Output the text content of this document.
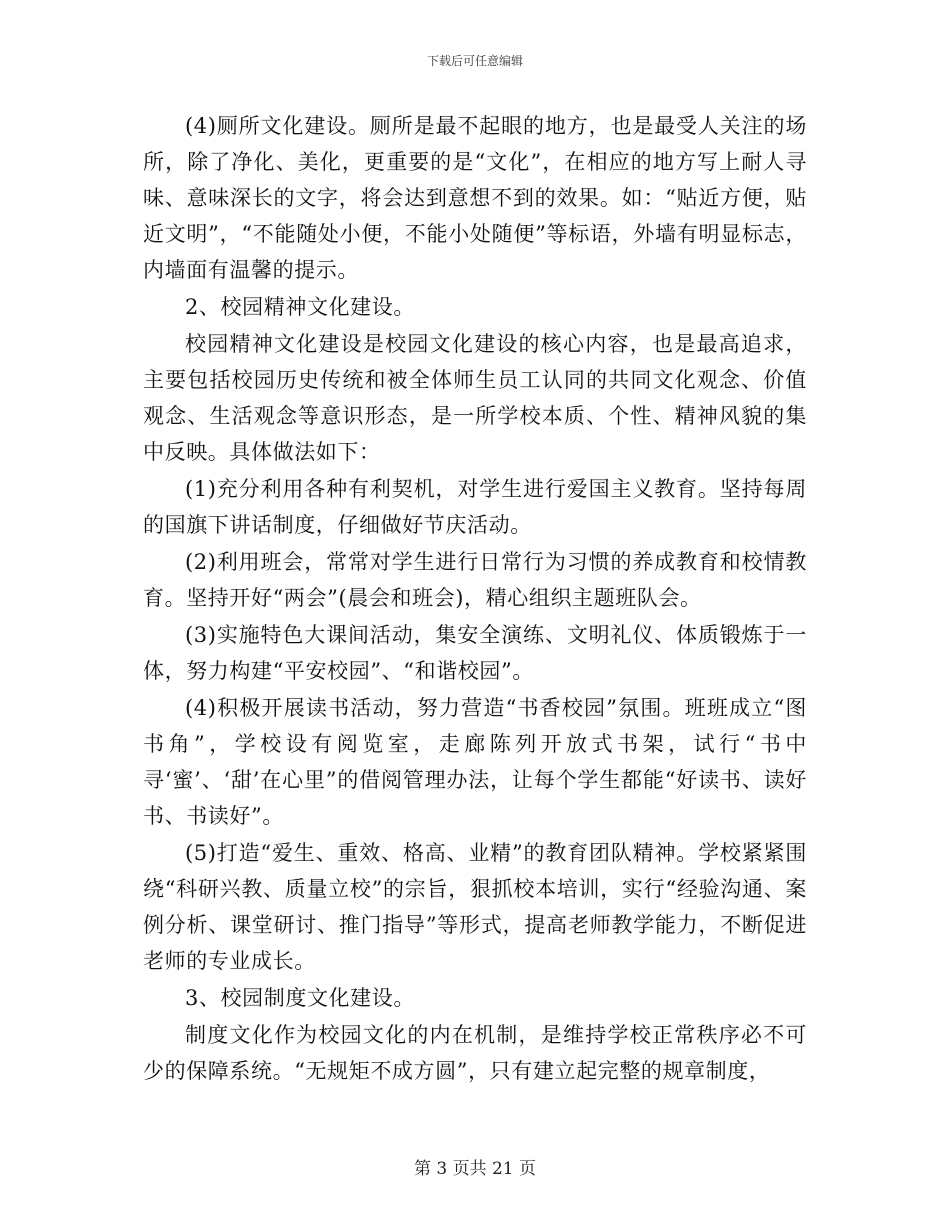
下载后可任意编辑

(4)厕所文化建设。厕所是最不起眼的地方，也是最受人关注的场所，除了净化、美化，更重要的是“文化”，在相应的地方写上耐人寻味、意味深长的文字，将会达到意想不到的效果。如：“贴近方便，贴近文明”，“不能随处小便，不能小处随便”等标语，外墙有明显标志，内墙面有温馨的提示。

2、校园精神文化建设。

校园精神文化建设是校园文化建设的核心内容，也是最高追求，主要包括校园历史传统和被全体师生员工认同的共同文化观念、价值观念、生活观念等意识形态，是一所学校本质、个性、精神风貌的集中反映。具体做法如下：

(1)充分利用各种有利契机，对学生进行爱国主义教育。坚持每周的国旗下讲话制度，仔细做好节庆活动。

(2)利用班会，常常对学生进行日常行为习惯的养成教育和校情教育。坚持开好“两会”(晨会和班会)，精心组织主题班队会。

(3)实施特色大课间活动，集安全演练、文明礼仪、体质锻炼于一体，努力构建“平安校园”、“和谐校园”。

(4)积极开展读书活动，努力营造“书香校园”氛围。班班成立“图书角”，学校设有阅览室，走廊陈列开放式书架，试行“书中寻‘蜜’、‘甜’在心里”的借阅管理办法，让每个学生都能“好读书、读好书、书读好”。

(5)打造“爱生、重效、格高、业精”的教育团队精神。学校紧紧围绕“科研兴教、质量立校”的宗旨，狠抓校本培训，实行“经验沟通、案例分析、课堂研讨、推门指导”等形式，提高老师教学能力，不断促进老师的专业成长。

3、校园制度文化建设。

制度文化作为校园文化的内在机制，是维持学校正常秩序必不可少的保障系统。“无规矩不成方圆”，只有建立起完整的规章制度，

第 3 页共 21 页
